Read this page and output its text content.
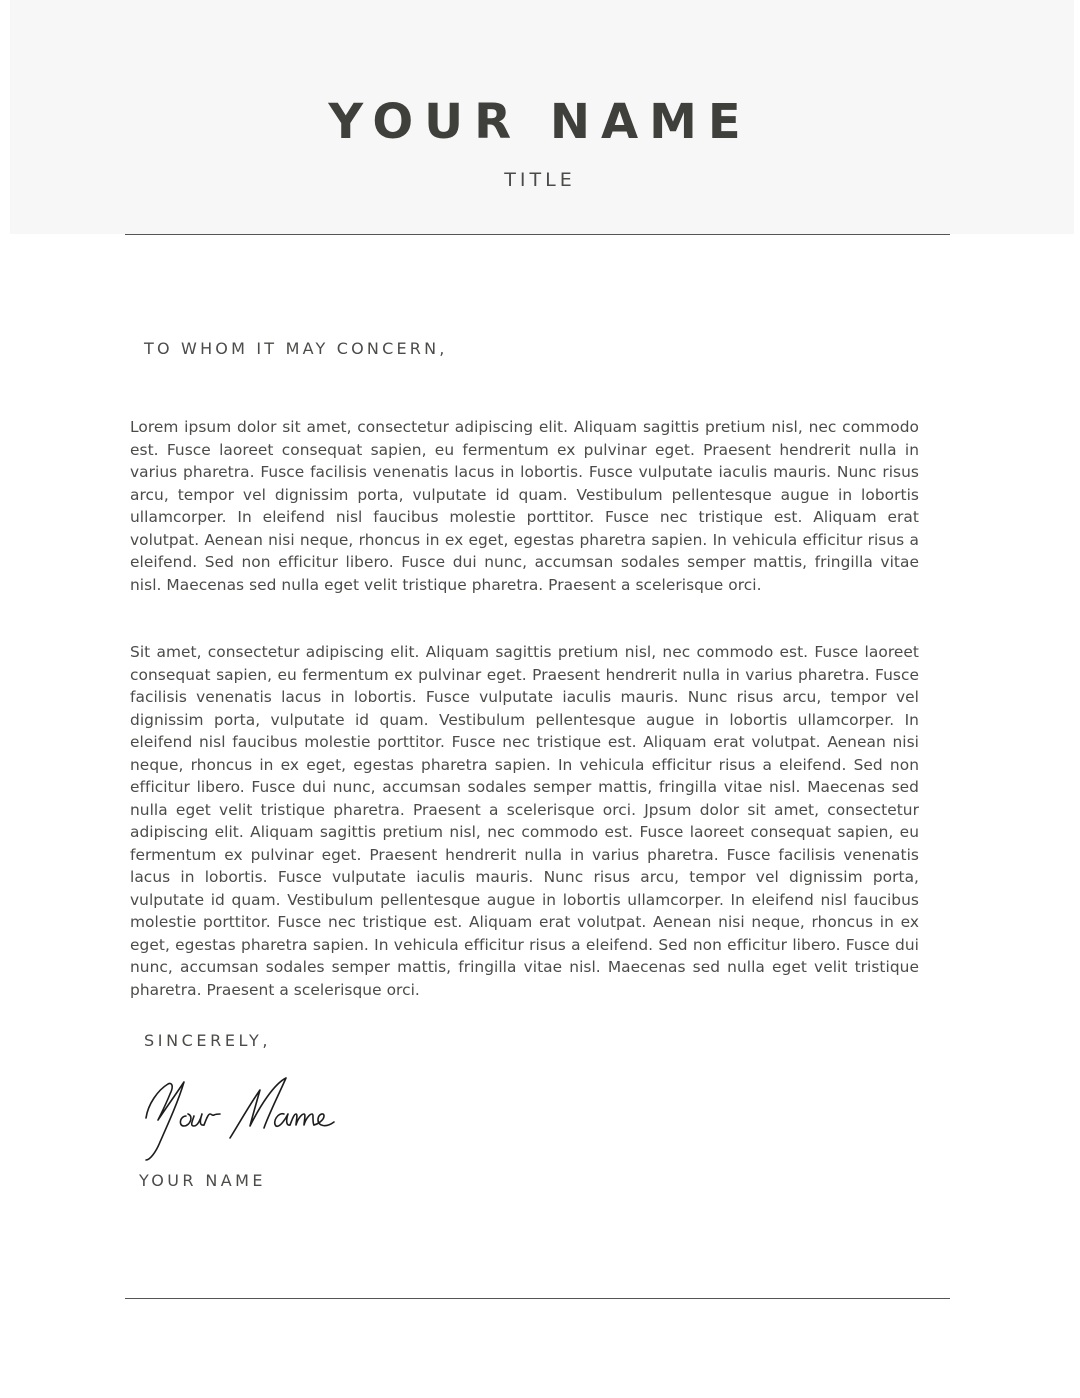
YOUR NAME
TITLE
TO WHOM IT MAY CONCERN,

Lorem ipsum dolor sit amet, consectetur adipiscing elit. Aliquam sagittis pretium nisl, nec commodo est. Fusce laoreet consequat sapien, eu fermentum ex pulvinar eget. Praesent hendrerit nulla in varius pharetra. Fusce facilisis venenatis lacus in lobortis. Fusce vulputate iaculis mauris. Nunc risus arcu, tempor vel dignissim porta, vulputate id quam. Vestibulum pellentesque augue in lobortis ullamcorper. In eleifend nisl faucibus molestie porttitor. Fusce nec tristique est. Aliquam erat volutpat. Aenean nisi neque, rhoncus in ex eget, egestas pharetra sapien. In vehicula efficitur risus a eleifend. Sed non efficitur libero. Fusce dui nunc, accumsan sodales semper mattis, fringilla vitae nisl. Maecenas sed nulla eget velit tristique pharetra. Praesent a scelerisque orci.

Sit amet, consectetur adipiscing elit. Aliquam sagittis pretium nisl, nec commodo est. Fusce laoreet consequat sapien, eu fermentum ex pulvinar eget. Praesent hendrerit nulla in varius pharetra. Fusce facilisis venenatis lacus in lobortis. Fusce vulputate iaculis mauris. Nunc risus arcu, tempor vel dignissim porta, vulputate id quam. Vestibulum pellentesque augue in lobortis ullamcorper. In eleifend nisl faucibus molestie porttitor. Fusce nec tristique est. Aliquam erat volutpat. Aenean nisi neque, rhoncus in ex eget, egestas pharetra sapien. In vehicula efficitur risus a eleifend. Sed non efficitur libero. Fusce dui nunc, accumsan sodales semper mattis, fringilla vitae nisl. Maecenas sed nulla eget velit tristique pharetra. Praesent a scelerisque orci. Jpsum dolor sit amet, consectetur adipiscing elit. Aliquam sagittis pretium nisl, nec commodo est. Fusce laoreet consequat sapien, eu fermentum ex pulvinar eget. Praesent hendrerit nulla in varius pharetra. Fusce facilisis venenatis lacus in lobortis. Fusce vulputate iaculis mauris. Nunc risus arcu, tempor vel dignissim porta, vulputate id quam. Vestibulum pellentesque augue in lobortis ullamcorper. In eleifend nisl faucibus molestie porttitor. Fusce nec tristique est. Aliquam erat volutpat. Aenean nisi neque, rhoncus in ex eget, egestas pharetra sapien. In vehicula efficitur risus a eleifend. Sed non efficitur libero. Fusce dui nunc, accumsan sodales semper mattis, fringilla vitae nisl. Maecenas sed nulla eget velit tristique pharetra. Praesent a scelerisque orci.

SINCERELY,
YOUR NAME
